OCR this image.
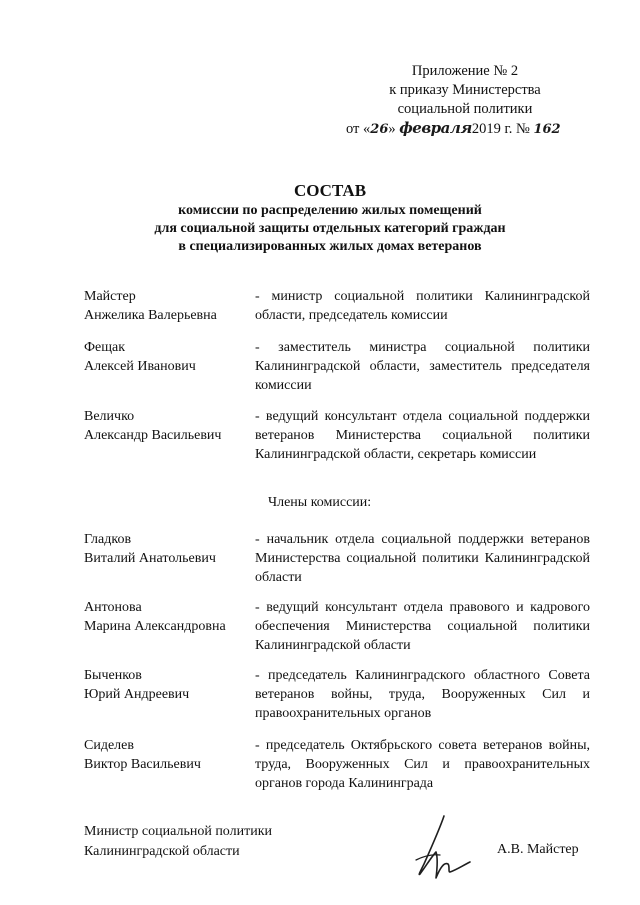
Приложение № 2
к приказу Министерства
социальной политики
от «26» февраля2019 г. № 162
СОСТАВ
комиссии по распределению жилых помещений
для социальной защиты отдельных категорий граждан
в специализированных жилых домах ветеранов
Майстер
Анжелика Валерьевна
- министр социальной политики Калининградской области, председатель комиссии
Фещак
Алексей Иванович
- заместитель министра социальной политики Калининградской области, заместитель председателя комиссии
Величко
Александр Васильевич
- ведущий консультант отдела социальной поддержки ветеранов Министерства социальной политики Калининградской области, секретарь комиссии
Члены комиссии:
Гладков
Виталий Анатольевич
- начальник отдела социальной поддержки ветеранов Министерства социальной политики Калининградской области
Антонова
Марина Александровна
- ведущий консультант отдела правового и кадрового обеспечения Министерства социальной политики Калининградской области
Быченков
Юрий Андреевич
- председатель Калининградского областного Совета ветеранов войны, труда, Вооруженных Сил и правоохранительных органов
Сиделев
Виктор Васильевич
- председатель Октябрьского совета ветеранов войны, труда, Вооруженных Сил и правоохранительных органов города Калининграда
Министр социальной политики
Калининградской области	А.В. Майстер
